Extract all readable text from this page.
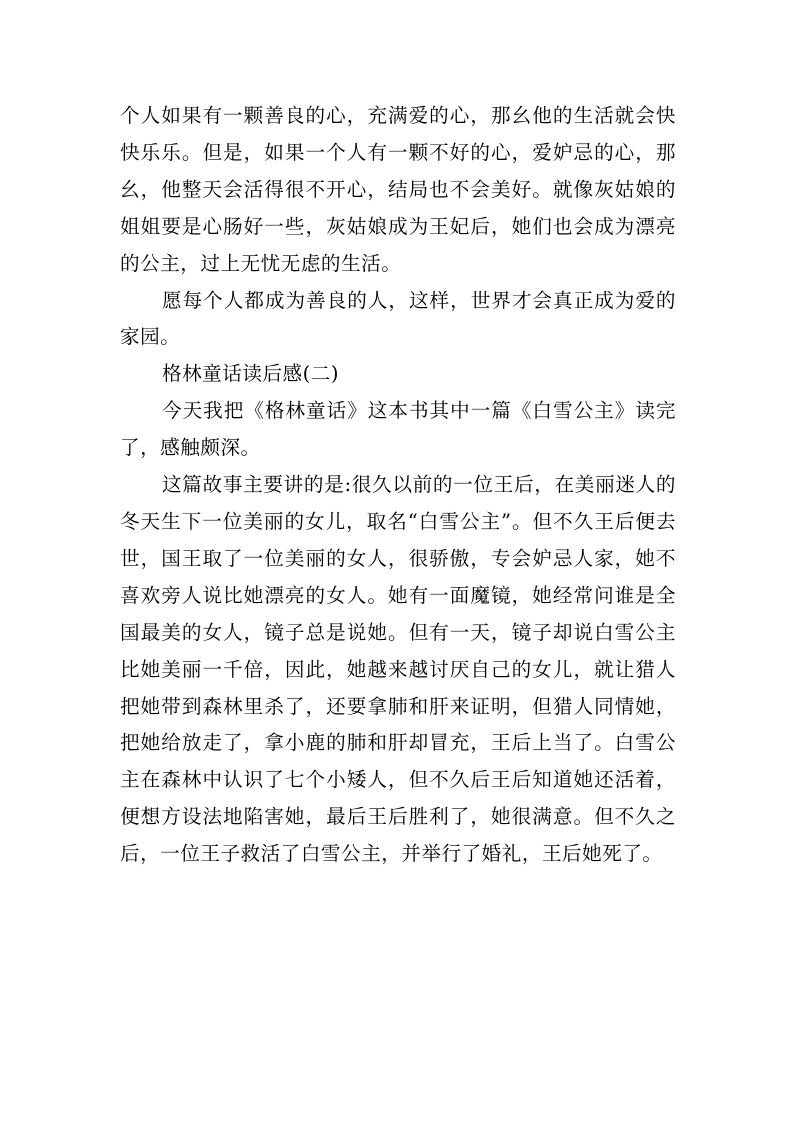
个人如果有一颗善良的心，充满爱的心，那幺他的生活就会快快乐乐。但是，如果一个人有一颗不好的心，爱妒忌的心，那幺，他整天会活得很不开心，结局也不会美好。就像灰姑娘的姐姐要是心肠好一些，灰姑娘成为王妃后，她们也会成为漂亮的公主，过上无忧无虑的生活。

愿每个人都成为善良的人，这样，世界才会真正成为爱的家园。

格林童话读后感(二)

今天我把《格林童话》这本书其中一篇《白雪公主》读完了，感触颇深。

这篇故事主要讲的是:很久以前的一位王后，在美丽迷人的冬天生下一位美丽的女儿，取名“白雪公主”。但不久王后便去世，国王取了一位美丽的女人，很骄傲，专会妒忌人家，她不喜欢旁人说比她漂亮的女人。她有一面魔镜，她经常问谁是全国最美的女人，镜子总是说她。但有一天，镜子却说白雪公主比她美丽一千倍，因此，她越来越讨厌自己的女儿，就让猎人把她带到森林里杀了，还要拿肺和肝来证明，但猎人同情她，把她给放走了，拿小鹿的肺和肝却冒充，王后上当了。白雪公主在森林中认识了七个小矮人，但不久后王后知道她还活着，便想方设法地陷害她，最后王后胜利了，她很满意。但不久之后，一位王子救活了白雪公主，并举行了婚礼，王后她死了。
